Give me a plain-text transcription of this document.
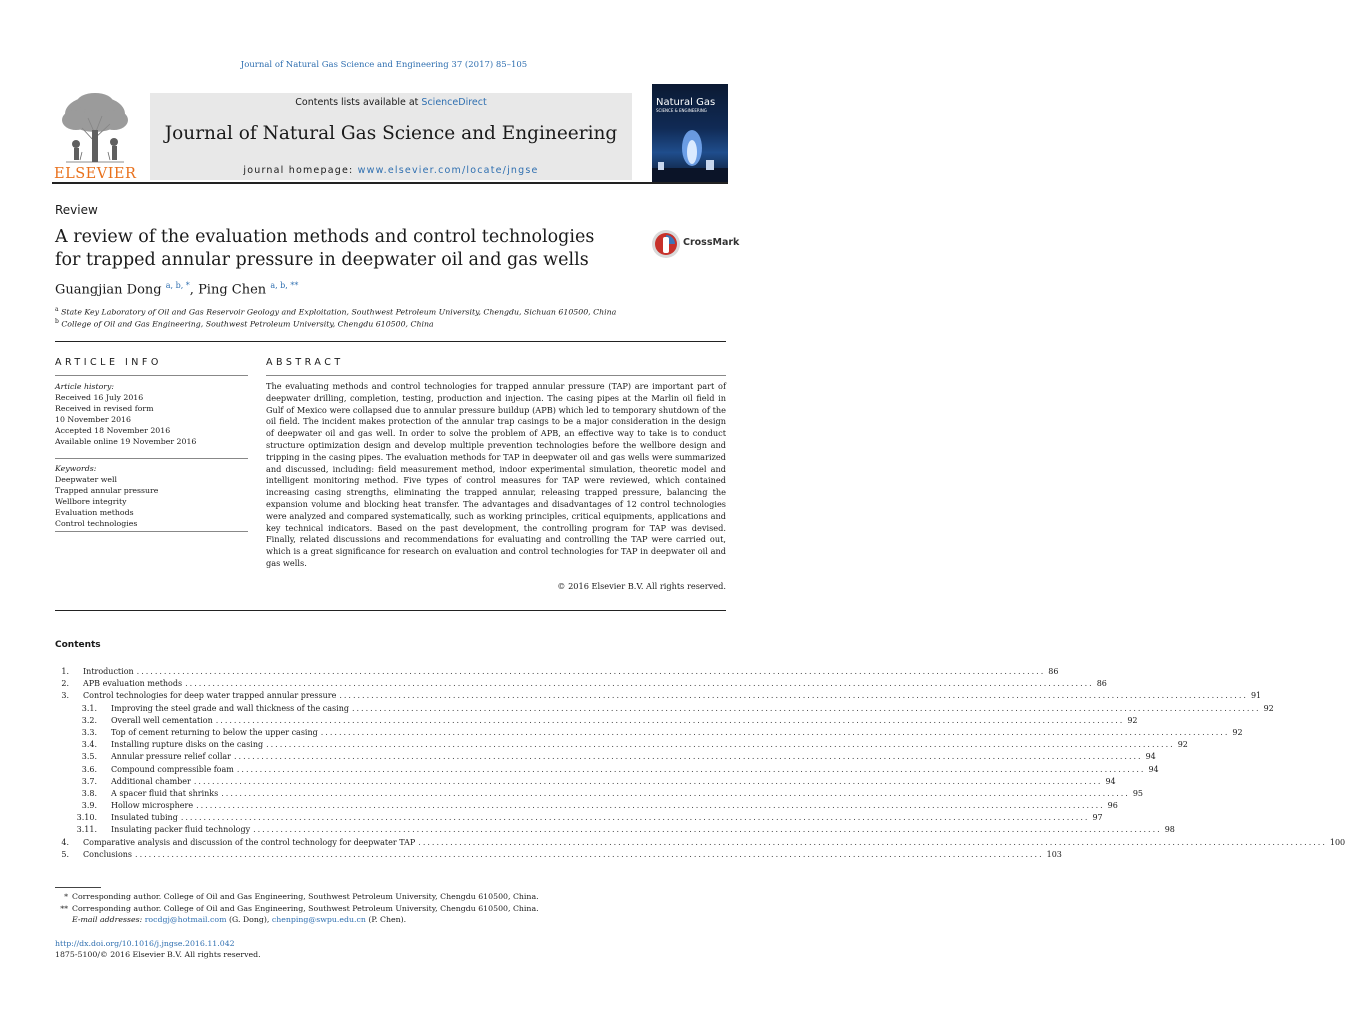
Journal of Natural Gas Science and Engineering 37 (2017) 85–105
ELSEVIER
Contents lists available at ScienceDirect
Journal of Natural Gas Science and Engineering
journal homepage: www.elsevier.com/locate/jngse
Natural Gas
SCIENCE & ENGINEERING
Review
A review of the evaluation methods and control technologies for trapped annular pressure in deepwater oil and gas wells
CrossMark
Guangjian Dong $^{a, b, *}$, Ping Chen $^{a, b, **}$
$^a$ State Key Laboratory of Oil and Gas Reservoir Geology and Exploitation, Southwest Petroleum University, Chengdu, Sichuan 610500, China
$^b$ College of Oil and Gas Engineering, Southwest Petroleum University, Chengdu 610500, China
ARTICLE INFO
Article history:
Received 16 July 2016
Received in revised form
10 November 2016
Accepted 18 November 2016
Available online 19 November 2016
Keywords:
Deepwater well
Trapped annular pressure
Wellbore integrity
Evaluation methods
Control technologies
ABSTRACT
The evaluating methods and control technologies for trapped annular pressure (TAP) are important part of deepwater drilling, completion, testing, production and injection. The casing pipes at the Marlin oil field in Gulf of Mexico were collapsed due to annular pressure buildup (APB) which led to temporary shutdown of the oil field. The incident makes protection of the annular trap casings to be a major consideration in the design of deepwater oil and gas well. In order to solve the problem of APB, an effective way to take is to conduct structure optimization design and develop multiple prevention technologies before the wellbore design and tripping in the casing pipes. The evaluation methods for TAP in deepwater oil and gas wells were summarized and discussed, including: field measurement method, indoor experimental simulation, theoretic model and intelligent monitoring method. Five types of control measures for TAP were reviewed, which contained increasing casing strengths, eliminating the trapped annular, releasing trapped pressure, balancing the expansion volume and blocking heat transfer. The advantages and disadvantages of 12 control technologies were analyzed and compared systematically, such as working principles, critical equipments, applications and key technical indicators. Based on the past development, the controlling program for TAP was devised. Finally, related discussions and recommendations for evaluating and controlling the TAP were carried out, which is a great significance for research on evaluation and control technologies for TAP in deepwater oil and gas wells.
© 2016 Elsevier B.V. All rights reserved.
Contents
1. Introduction ........................................................................................................................................................................................................ 86
2. APB evaluation methods ........................................................................................................................................................................................................ 86
3. Control technologies for deep water trapped annular pressure ........................................................................................................................................................................................................ 91
3.1. Improving the steel grade and wall thickness of the casing ........................................................................................................................................................................................................ 92
3.2. Overall well cementation ........................................................................................................................................................................................................ 92
3.3. Top of cement returning to below the upper casing ........................................................................................................................................................................................................ 92
3.4. Installing rupture disks on the casing ........................................................................................................................................................................................................ 92
3.5. Annular pressure relief collar ........................................................................................................................................................................................................ 94
3.6. Compound compressible foam ........................................................................................................................................................................................................ 94
3.7. Additional chamber ........................................................................................................................................................................................................ 94
3.8. A spacer fluid that shrinks ........................................................................................................................................................................................................ 95
3.9. Hollow microsphere ........................................................................................................................................................................................................ 96
3.10. Insulated tubing ........................................................................................................................................................................................................ 97
3.11. Insulating packer fluid technology ........................................................................................................................................................................................................ 98
4. Comparative analysis and discussion of the control technology for deepwater TAP ........................................................................................................................................................................................................ 100
5. Conclusions ........................................................................................................................................................................................................ 103
* Corresponding author. College of Oil and Gas Engineering, Southwest Petroleum University, Chengdu 610500, China.
** Corresponding author. College of Oil and Gas Engineering, Southwest Petroleum University, Chengdu 610500, China.
E-mail addresses: rocdgj@hotmail.com (G. Dong), chenping@swpu.edu.cn (P. Chen).
http://dx.doi.org/10.1016/j.jngse.2016.11.042
1875-5100/© 2016 Elsevier B.V. All rights reserved.
